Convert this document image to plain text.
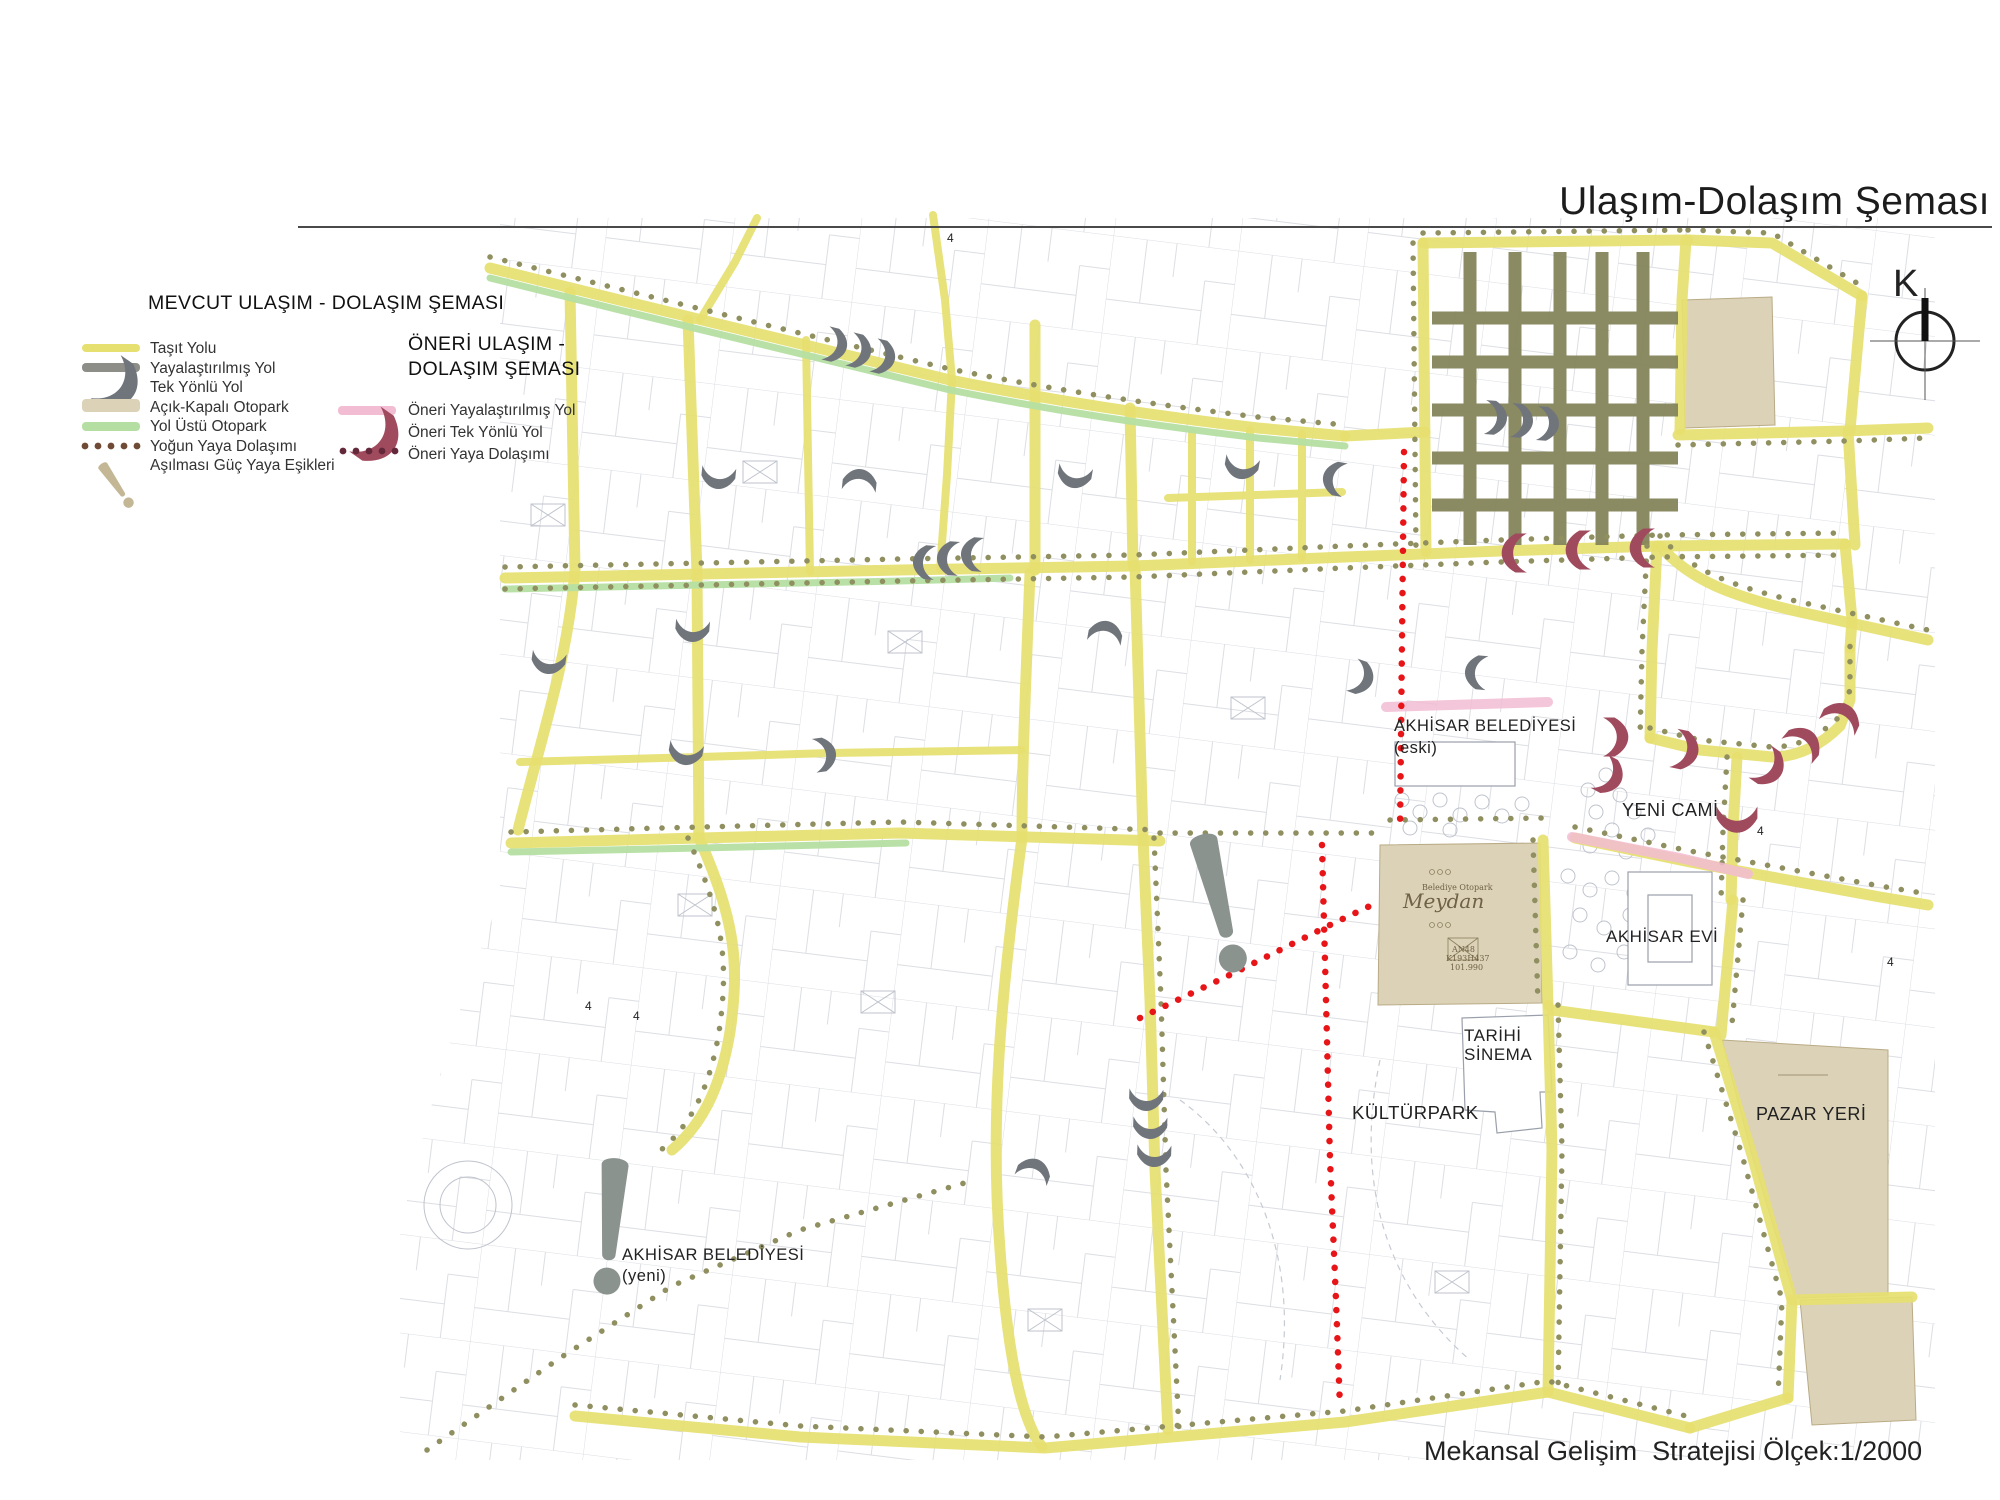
AKHİSAR BELEDİYESİ
(eski)
YENİ CAMİ
AKHİSAR EVİ
Meydan
Belediye Otopark
AN48
K193H437
101.990
TARİHİ
SİNEMA
KÜLTÜRPARK	PAZAR YERİ
AKHİSAR BELEDİYESİ
(yeni)
4
4
4
4
4
K
Ulaşım-Dolaşım Şeması
MEVCUT ULAŞIM - DOLAŞIM ŞEMASI
Taşıt Yolu
Yayalaştırılmış Yol
Tek Yönlü Yol
Açık-Kapalı Otopark
Yol Üstü Otopark
Yoğun Yaya Dolaşımı
Aşılması Güç Yaya Eşikleri
ÖNERİ ULAŞIM -
DOLAŞIM ŞEMASI
Öneri Yayalaştırılmış Yol
Öneri Tek Yönlü Yol
Öneri Yaya Dolaşımı
Mekansal Gelişim  Stratejisi Ölçek:1/2000
